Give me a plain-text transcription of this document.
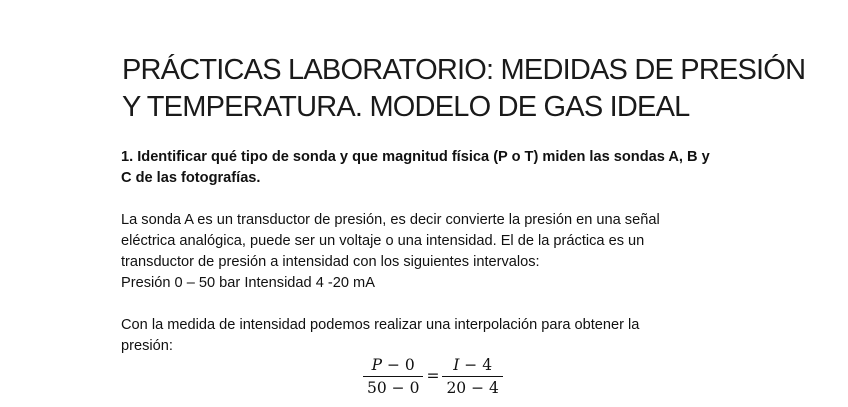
PRÁCTICAS LABORATORIO: MEDIDAS DE PRESIÓN
Y TEMPERATURA. MODELO DE GAS IDEAL
1. Identificar qué tipo de sonda y que magnitud física (P o T) miden las sondas A, B y
C de las fotografías.
La sonda A es un transductor de presión, es decir convierte la presión en una señal
eléctrica analógica, puede ser un voltaje o una intensidad. El de la práctica es un
transductor de presión a intensidad con los siguientes intervalos:
Presión 0 – 50 bar Intensidad 4 -20 mA
Con la medida de intensidad podemos realizar una interpolación para obtener la
presión:
$\frac{P - 0}{50 - 0} = \frac{I - 4}{20 - 4}$
